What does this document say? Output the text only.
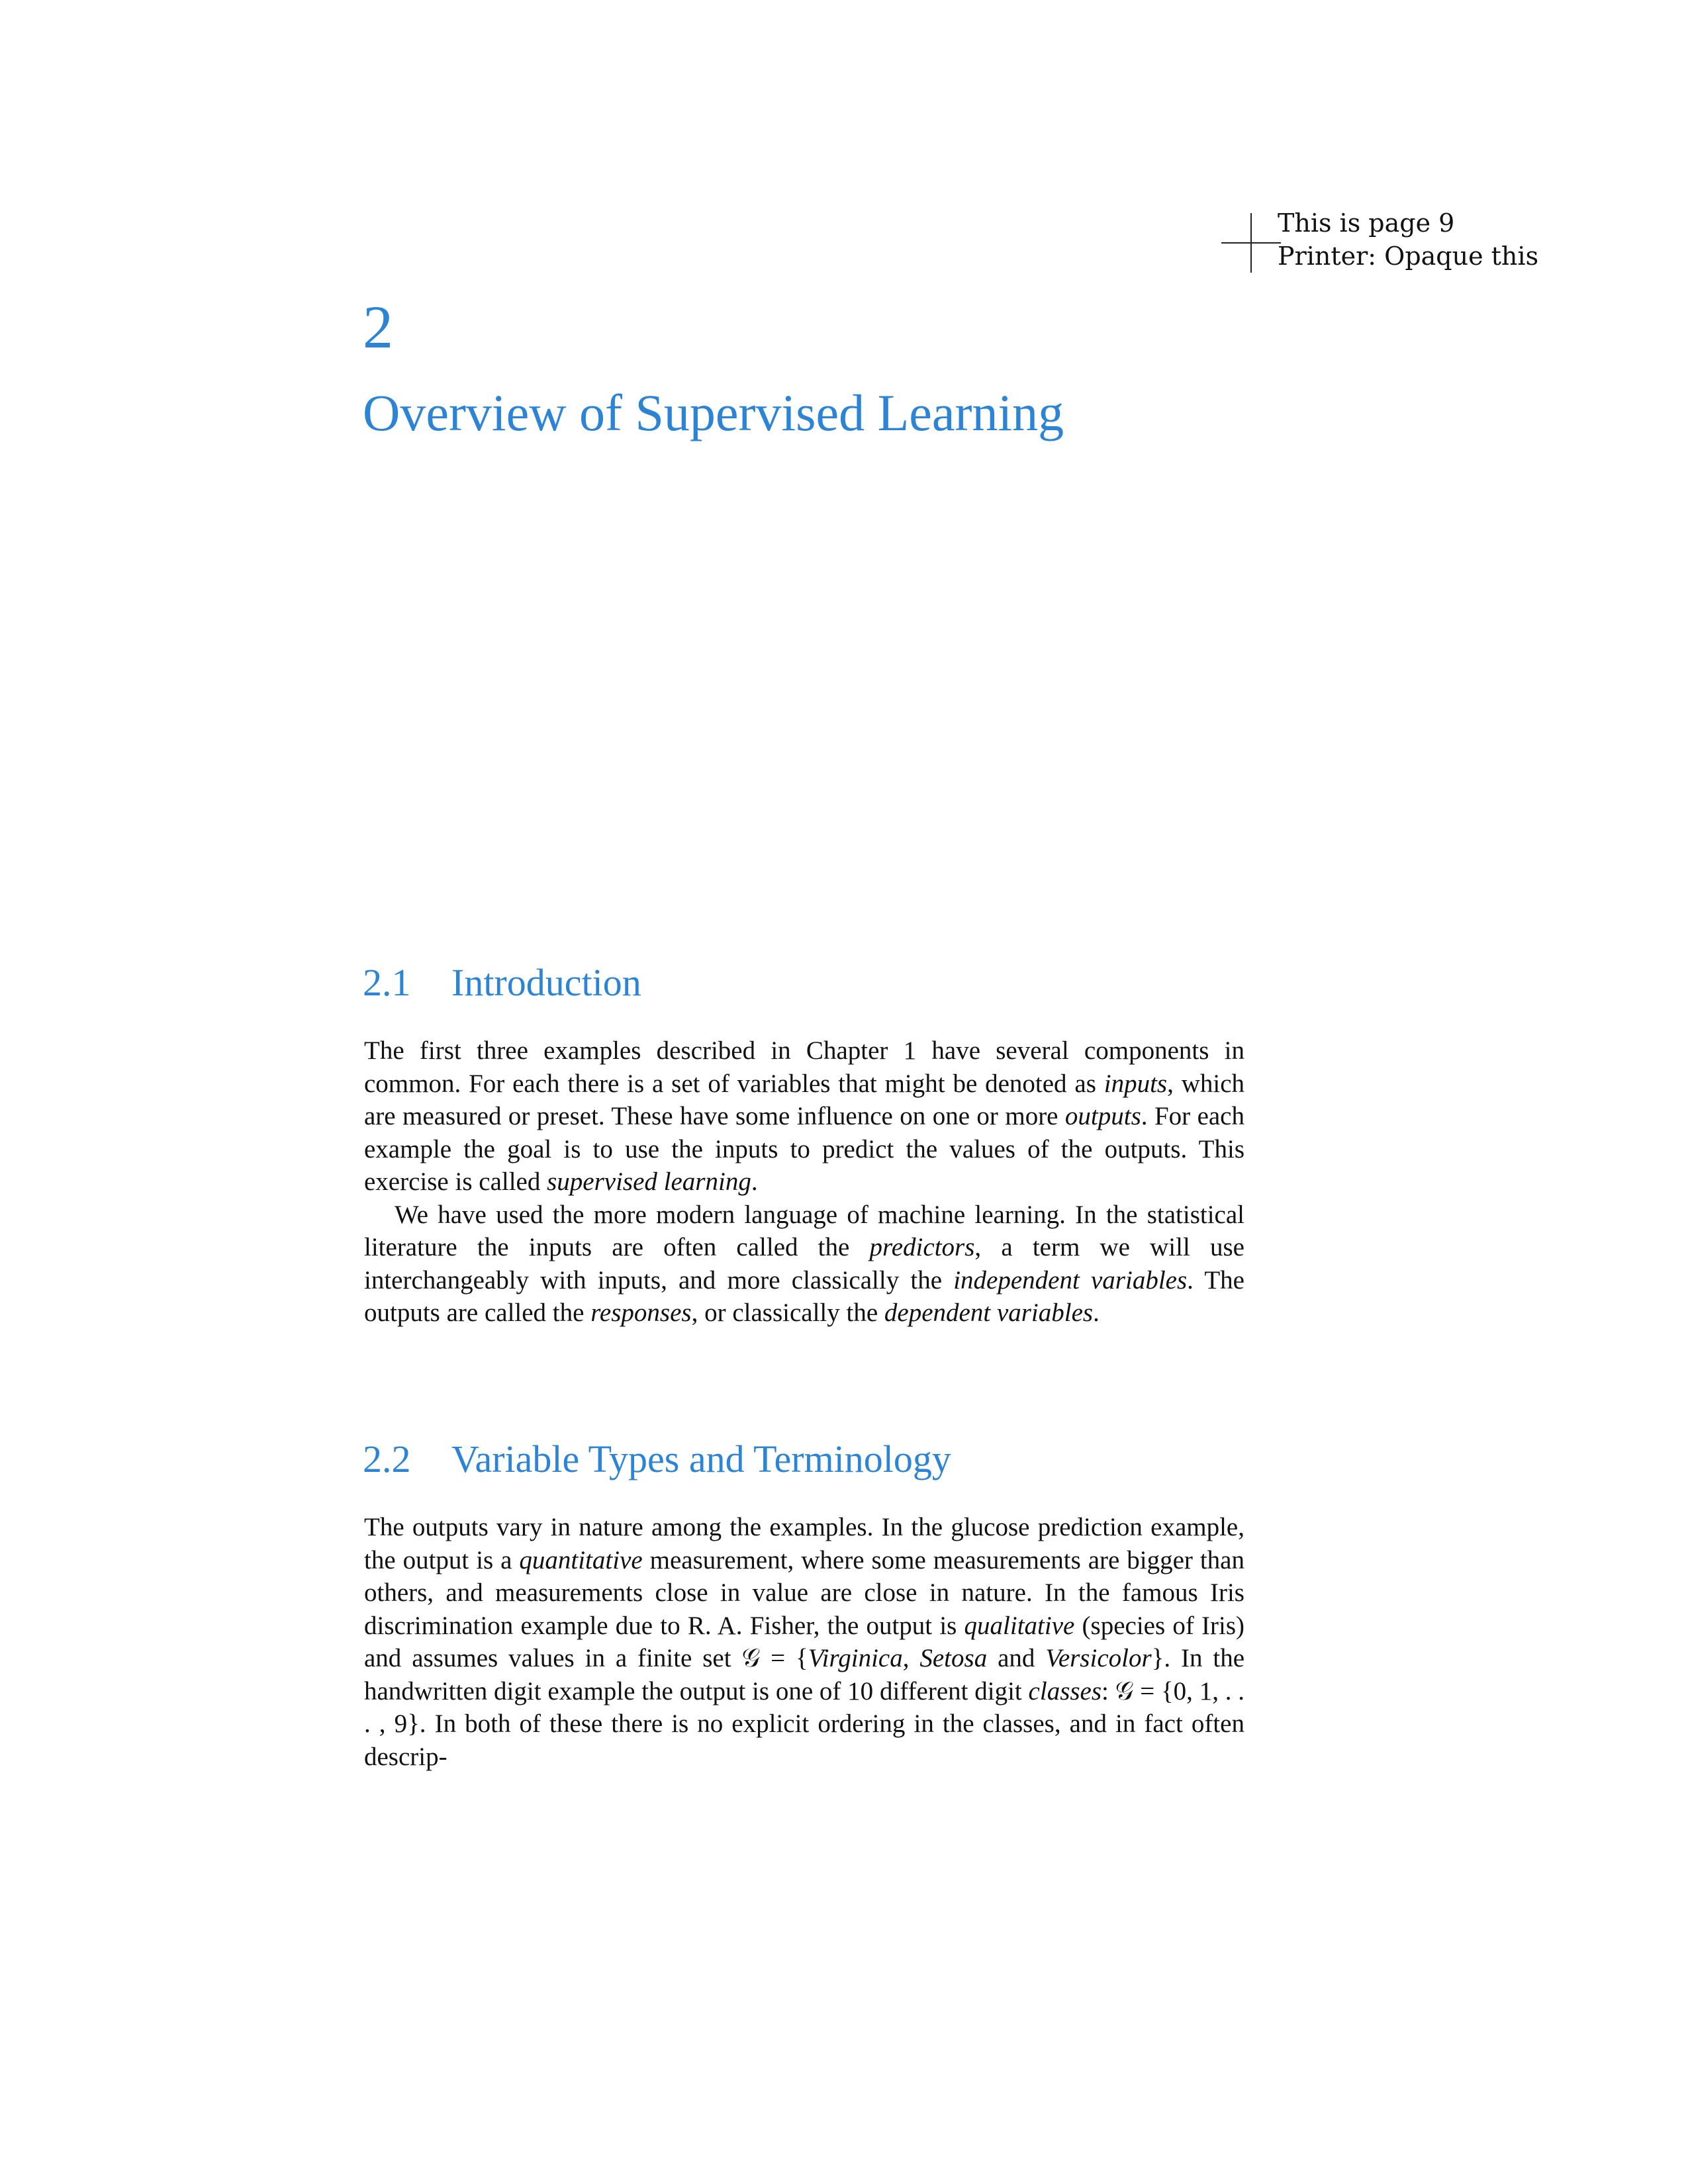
This is page 9
Printer: Opaque this
2
Overview of Supervised Learning
2.1 Introduction

The first three examples described in Chapter 1 have several components in common. For each there is a set of variables that might be denoted as inputs, which are measured or preset. These have some influence on one or more outputs. For each example the goal is to use the inputs to predict the values of the outputs. This exercise is called supervised learning.

We have used the more modern language of machine learning. In the statistical literature the inputs are often called the predictors, a term we will use interchangeably with inputs, and more classically the independent variables. The outputs are called the responses, or classically the dependent variables.

2.2 Variable Types and Terminology

The outputs vary in nature among the examples. In the glucose prediction example, the output is a quantitative measurement, where some measurements are bigger than others, and measurements close in value are close in nature. In the famous Iris discrimination example due to R. A. Fisher, the output is qualitative (species of Iris) and assumes values in a finite set 𝒢 = {Virginica, Setosa and Versicolor}. In the handwritten digit example the output is one of 10 different digit classes: 𝒢 = {0, 1, . . . , 9}. In both of these there is no explicit ordering in the classes, and in fact often descrip-
